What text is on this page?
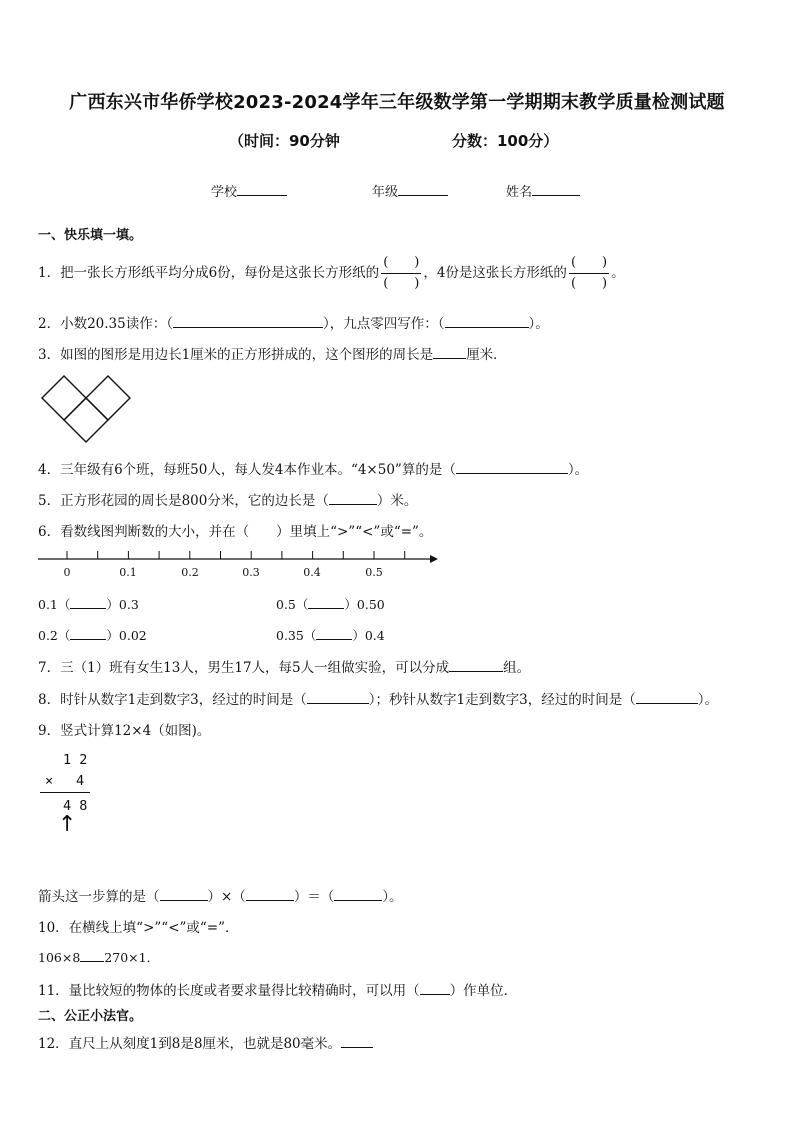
广西东兴市华侨学校2023-2024学年三年级数学第一学期期末教学质量检测试题
（时间：90分钟	分数：100分）
学校	年级	姓名
一、快乐填一填。
1．把一张长方形纸平均分成6份，每份是这张长方形纸的 $\frac{( )}{( )}$ ，4份是这张长方形纸的 $\frac{( )}{( )}$ 。
2．小数20.35读作：（	），九点零四写作：（	）。
3．如图的图形是用边长1厘米的正方形拼成的，这个图形的周长是 厘米．
4．三年级有6个班，每班50人，每人发4本作业本。“4×50”算的是（	）。
5．正方形花园的周长是800分米，它的边长是（	）米。
6．看数线图判断数的大小，并在（　　）里填上“>”“<”或“=”。
0	0.1	0.2	0.3	0.4	0.5
0.1（	）0.3	0.5（	）0.50
0.2（	）0.02	0.35（	）0.4
7．三（1）班有女生13人，男生17人，每5人一组做实验，可以分成	组。
8．时针从数字1走到数字3，经过的时间是（	）；秒针从数字1走到数字3，经过的时间是（	）。
9．竖式计算12×4（如图)。
1 2
× 4
4 8
↑
箭头这一步算的是（	）×（	）＝（	）。
10．在横线上填“>”“<”或“=”．
106×8 270×1．
11．量比较短的物体的长度或者要求量得比较精确时，可以用（ ）作单位．
二、公正小法官。
12．直尺上从刻度1到8是8厘米，也就是80毫米。
